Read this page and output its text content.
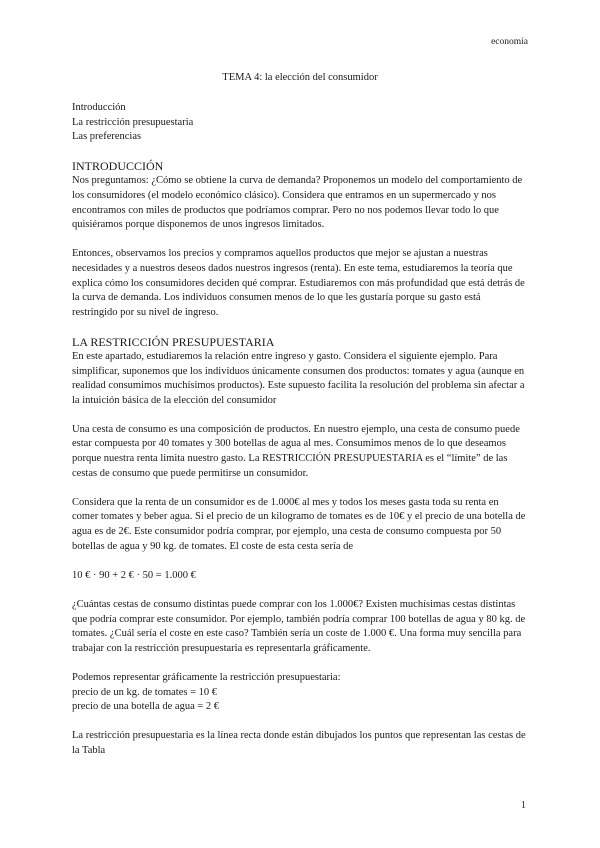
economía
TEMA 4: la elección del consumidor

Introducción

La restricción presupuestaria

Las preferencias

INTRODUCCIÓN

Nos preguntamos: ¿Cómo se obtiene la curva de demanda? Proponemos un modelo del comportamiento de los consumidores (el modelo económico clásico). Considera que entramos en un supermercado y nos encontramos con miles de productos que podríamos comprar. Pero no nos podemos llevar todo lo que quisiéramos porque disponemos de unos ingresos limitados.

Entonces, observamos los precios y compramos aquellos productos que mejor se ajustan a nuestras necesidades y a nuestros deseos dados nuestros ingresos (renta). En este tema, estudiaremos la teoría que explica cómo los consumidores deciden qué comprar. Estudiaremos con más profundidad que está detrás de la curva de demanda. Los individuos consumen menos de lo que les gustaría porque su gasto está restringido por su nivel de ingreso.

LA RESTRICCIÓN PRESUPUESTARIA

En este apartado, estudiaremos la relación entre ingreso y gasto. Considera el siguiente ejemplo. Para simplificar, suponemos que los individuos únicamente consumen dos productos: tomates y agua (aunque en realidad consumimos muchísimos productos). Este supuesto facilita la resolución del problema sin afectar a la intuición básica de la elección del consumidor

Una cesta de consumo es una composición de productos. En nuestro ejemplo, una cesta de consumo puede estar compuesta por 40 tomates y 300 botellas de agua al mes. Consumimos menos de lo que deseamos porque nuestra renta limita nuestro gasto. La RESTRICCIÓN PRESUPUESTARIA es el “límite” de las cestas de consumo que puede permitirse un consumidor.

Considera que la renta de un consumidor es de 1.000€ al mes y todos los meses gasta toda su renta en comer tomates y beber agua. Si el precio de un kilogramo de tomates es de 10€ y el precio de una botella de agua es de 2€. Este consumidor podría comprar, por ejemplo, una cesta de consumo compuesta por 50 botellas de agua y 90 kg. de tomates. El coste de esta cesta sería de

10 € · 90 + 2 € · 50 = 1.000 €

¿Cuántas cestas de consumo distintas puede comprar con los 1.000€? Existen muchísimas cestas distintas que podría comprar este consumidor. Por ejemplo, también podría comprar 100 botellas de agua y 80 kg. de tomates. ¿Cuál sería el coste en este caso? También sería un coste de 1.000 €. Una forma muy sencilla para trabajar con la restricción presupuestaria es representarla gráficamente.

Podemos representar gráficamente la restricción presupuestaria:

precio de un kg. de tomates = 10 €

precio de una botella de agua = 2 €

La restricción presupuestaria es la línea recta donde están dibujados los puntos que representan las cestas de la Tabla

1
